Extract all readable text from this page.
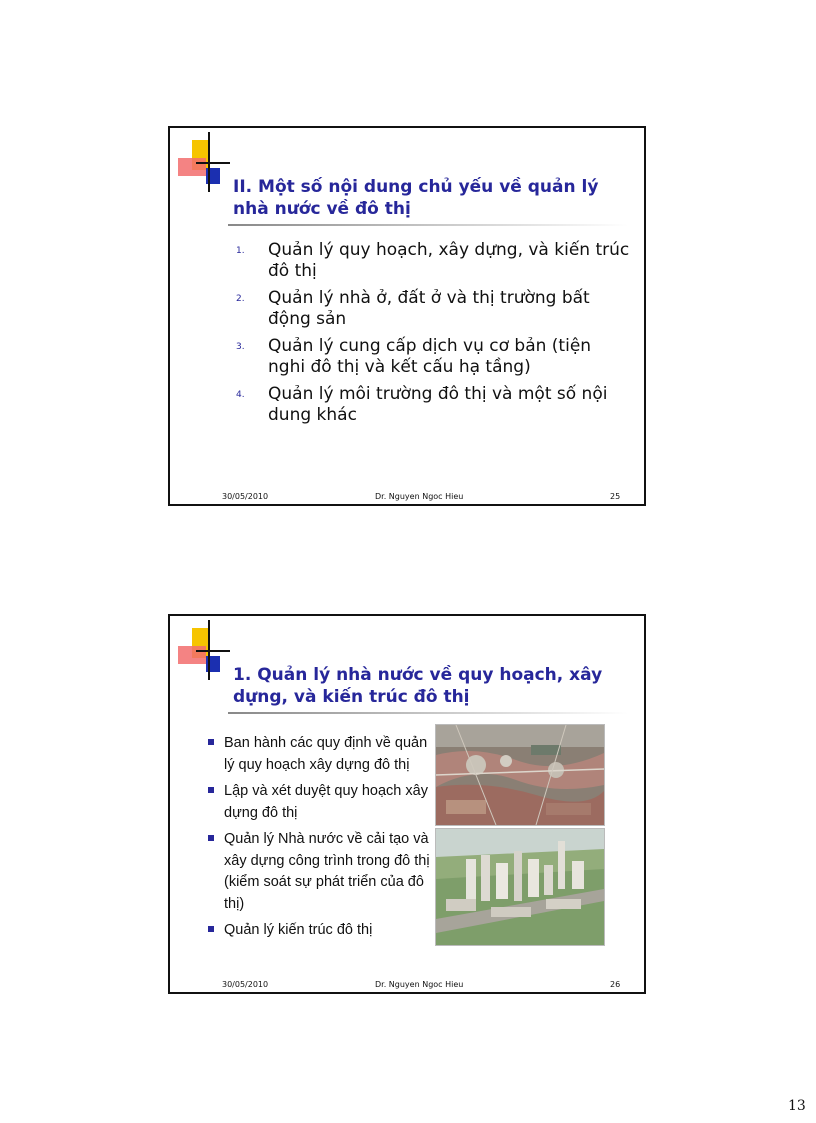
II. Một số nội dung chủ yếu về quản lý nhà nước về đô thị
1. Quản lý quy hoạch, xây dựng, và kiến trúc đô thị
2. Quản lý nhà ở, đất ở và thị trường bất động sản
3. Quản lý cung cấp dịch vụ cơ bản (tiện nghi đô thị và kết cấu hạ tầng)
4. Quản lý môi trường đô thị và một số nội dung khác
30/05/2010	Dr. Nguyen Ngoc Hieu	25
1. Quản lý nhà nước về quy hoạch, xây dựng, và kiến trúc đô thị
Ban hành các quy định về quản lý quy hoạch xây dựng đô thị
Lập và xét duyệt quy hoạch xây dựng đô thị
Quản lý Nhà nước về cải tạo và xây dựng công trình trong đô thị (kiểm soát sự phát triển của đô thị)
Quản lý kiến trúc đô thị
30/05/2010	Dr. Nguyen Ngoc Hieu	26
13
